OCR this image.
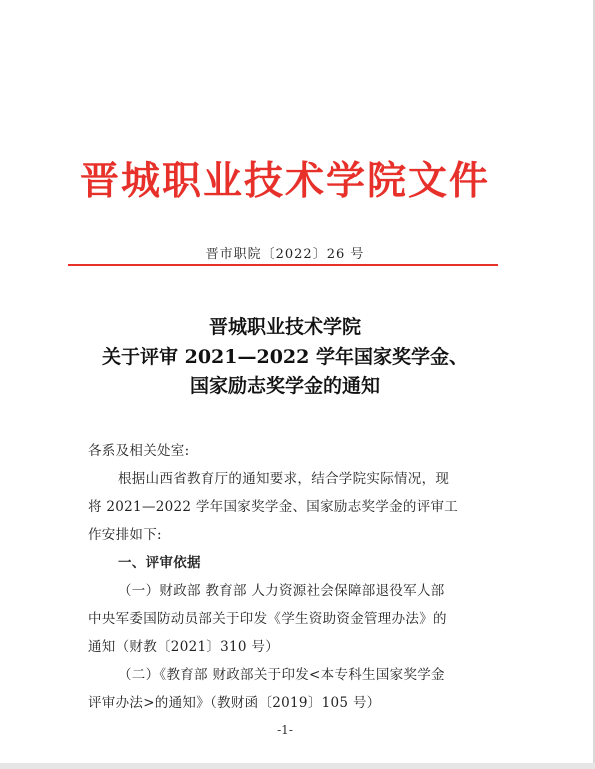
晋城职业技术学院文件
晋市职院〔2022〕26 号
晋城职业技术学院
关于评审 2021—2022 学年国家奖学金、
国家励志奖学金的通知
各系及相关处室:
根据山西省教育厅的通知要求，结合学院实际情况，现
将 2021—2022 学年国家奖学金、国家励志奖学金的评审工
作安排如下:
一、评审依据
（一）财政部 教育部 人力资源社会保障部退役军人部
中央军委国防动员部关于印发《学生资助资金管理办法》的
通知（财教〔2021〕310 号）
（二）《教育部 财政部关于印发<本专科生国家奖学金
评审办法>的通知》（教财函〔2019〕105 号）
-1-
